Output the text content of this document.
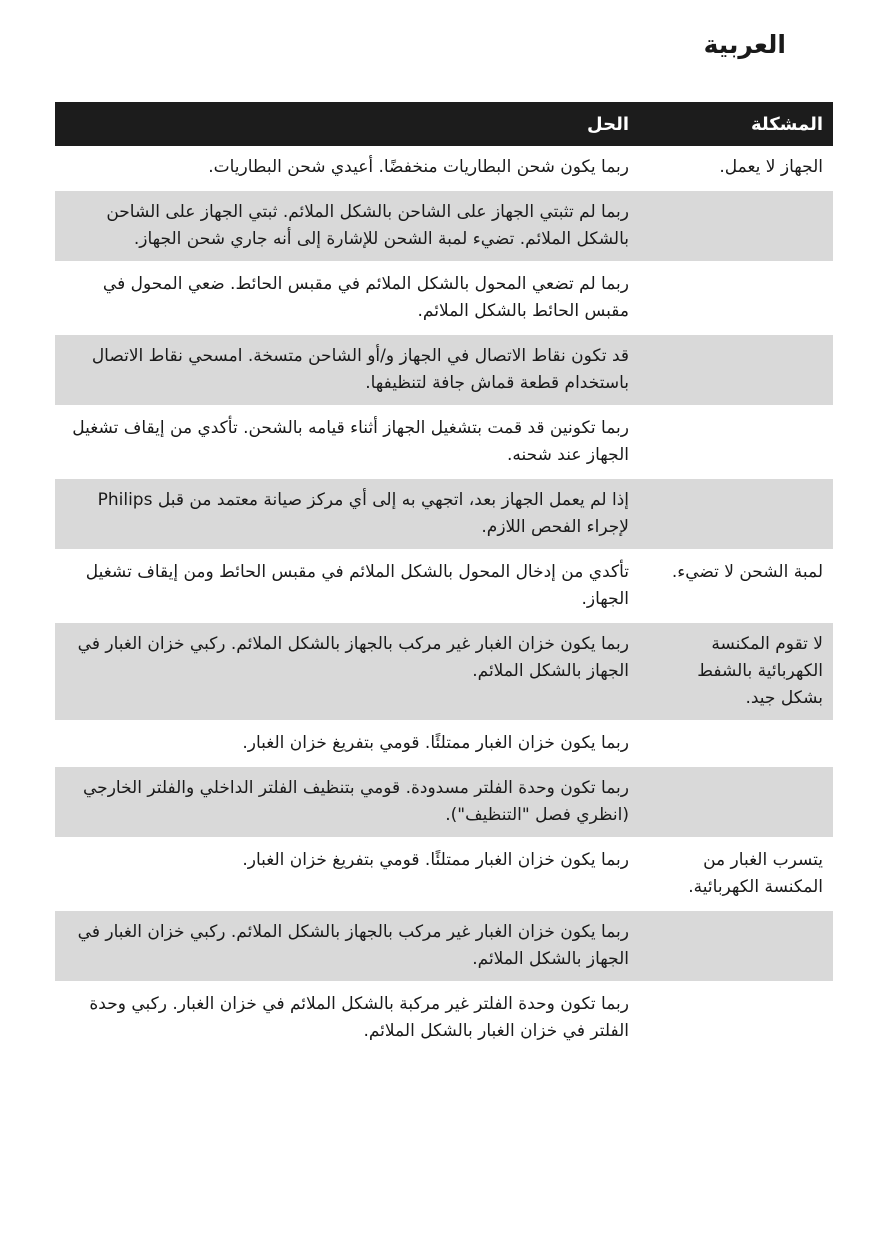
العربية
المشكلة
الحل
الجهاز لا يعمل.
ربما يكون شحن البطاريات منخفضًا. أعيدي شحن البطاريات.
ربما لم تثبتي الجهاز على الشاحن بالشكل الملائم. ثبتي الجهاز على الشاحن بالشكل الملائم. تضيء لمبة الشحن للإشارة إلى أنه جاري شحن الجهاز.
ربما لم تضعي المحول بالشكل الملائم في مقبس الحائط. ضعي المحول في مقبس الحائط بالشكل الملائم.
قد تكون نقاط الاتصال في الجهاز و/أو الشاحن متسخة. امسحي نقاط الاتصال باستخدام قطعة قماش جافة لتنظيفها.
ربما تكونين قد قمت بتشغيل الجهاز أثناء قيامه بالشحن. تأكدي من إيقاف تشغيل الجهاز عند شحنه.
إذا لم يعمل الجهاز بعد، اتجهي به إلى أي مركز صيانة معتمد من قبل Philips لإجراء الفحص اللازم.
لمبة الشحن لا تضيء.
تأكدي من إدخال المحول بالشكل الملائم في مقبس الحائط ومن إيقاف تشغيل الجهاز.
لا تقوم المكنسة الكهربائية بالشفط بشكل جيد.
ربما يكون خزان الغبار غير مركب بالجهاز بالشكل الملائم. ركبي خزان الغبار في الجهاز بالشكل الملائم.
ربما يكون خزان الغبار ممتلئًا. قومي بتفريغ خزان الغبار.
ربما تكون وحدة الفلتر مسدودة. قومي بتنظيف الفلتر الداخلي والفلتر الخارجي (انظري فصل "التنظيف").
يتسرب الغبار من المكنسة الكهربائية.
ربما يكون خزان الغبار ممتلئًا. قومي بتفريغ خزان الغبار.
ربما يكون خزان الغبار غير مركب بالجهاز بالشكل الملائم. ركبي خزان الغبار في الجهاز بالشكل الملائم.
ربما تكون وحدة الفلتر غير مركبة بالشكل الملائم في خزان الغبار. ركبي وحدة الفلتر في خزان الغبار بالشكل الملائم.
